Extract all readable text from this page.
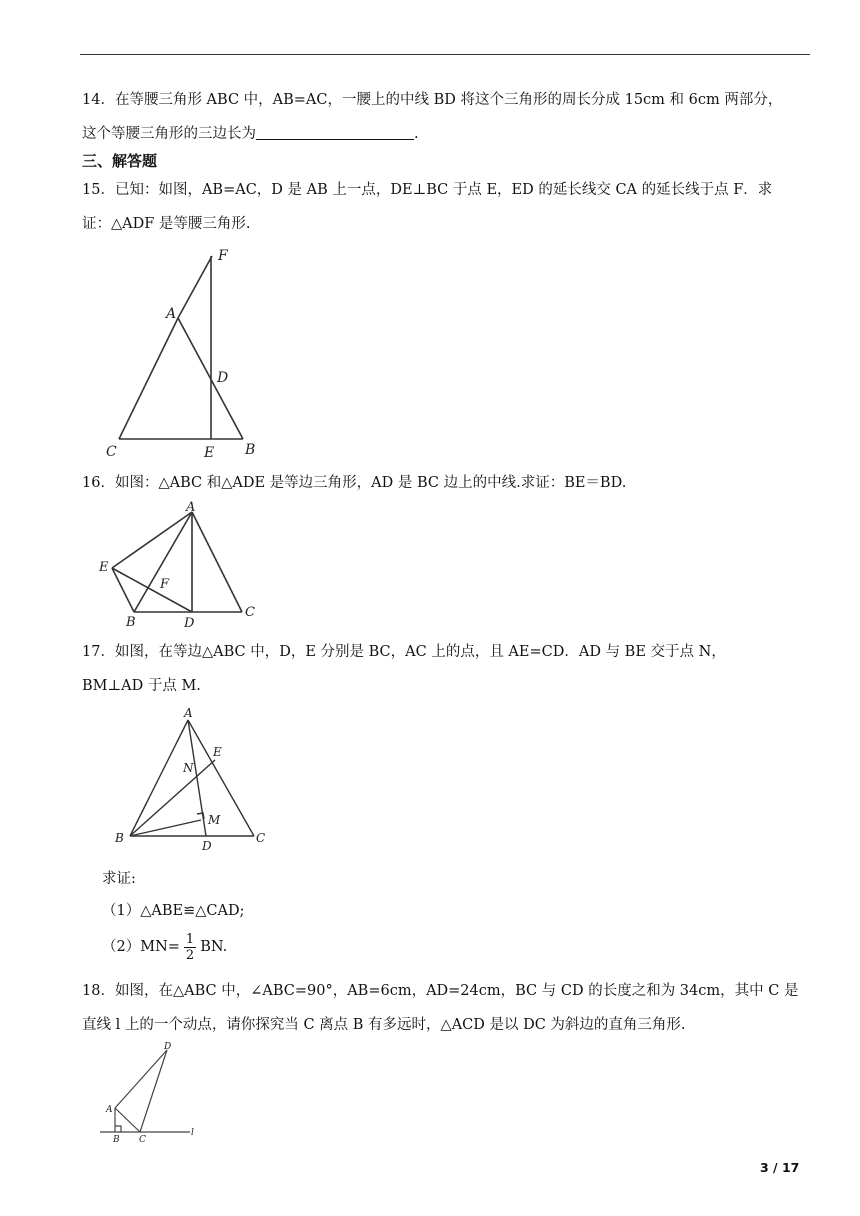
14．在等腰三角形 ABC 中，AB=AC，一腰上的中线 BD 将这个三角形的周长分成 15cm 和 6cm 两部分，
这个等腰三角形的三边长为	.
三、解答题
15．已知：如图，AB=AC，D 是 AB 上一点，DE⊥BC 于点 E，ED 的延长线交 CA 的延长线于点 F．求
证：△ADF 是等腰三角形.
F
A
D
C	E B
16．如图：△ABC 和△ADE 是等边三角形，AD 是 BC 边上的中线.求证：BE＝BD.
A
E
F
B	D
C
17．如图，在等边△ABC 中，D，E 分别是 BC，AC 上的点，且 AE=CD．AD 与 BE 交于点 N，
BM⊥AD 于点 M.
A
E
N
M
B
D
C
求证:
（1）△ABE≌△CAD;
$(2)MN= \frac{1}{2}$ BN.
18．如图，在△ABC 中，∠ABC=90°，AB=6cm，AD=24cm，BC 与 CD 的长度之和为 34cm，其中 C 是
直线 l 上的一个动点，请你探究当 C 离点 B 有多远时，△ACD 是以 DC 为斜边的直角三角形.
D
A
B C
l
3 / 17
